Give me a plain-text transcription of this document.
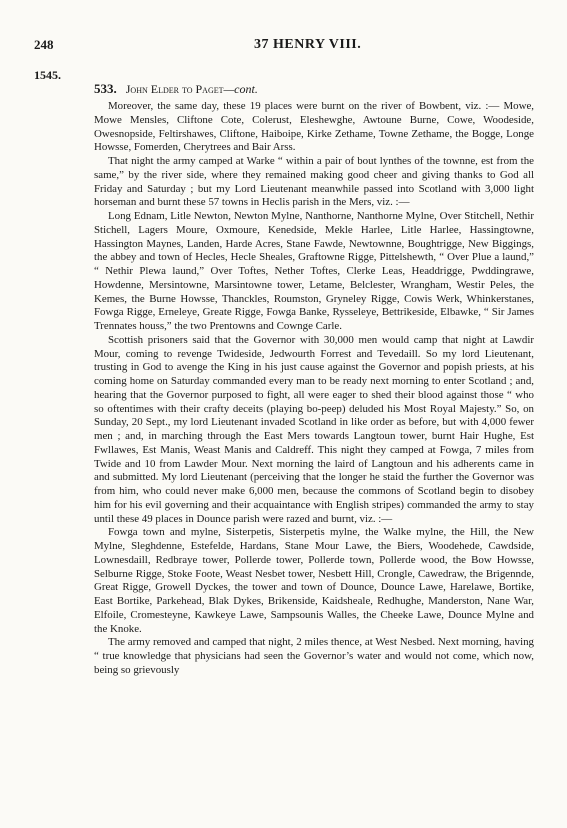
248	37 HENRY VIII.
1545.
533. John Elder to Paget—cont.

Moreover, the same day, these 19 places were burnt on the river of Bowbent, viz. :— Mowe, Mowe Mensles, Cliftone Cote, Colerust, Eleshewghe, Awtoune Burne, Cowe, Woodeside, Owesnopside, Feltirshawes, Cliftone, Haiboipe, Kirke Zethame, Towne Zethame, the Bogge, Longe Howsse, Fomerden, Cherytrees and Bair Arss.

That night the army camped at Warke “ within a pair of bout lynthes of the townne, est from the same,” by the river side, where they remained making good cheer and giving thanks to God all Friday and Saturday ; but my Lord Lieutenant meanwhile passed into Scotland with 3,000 light horseman and burnt these 57 towns in Heclis parish in the Mers, viz. :—

Long Ednam, Litle Newton, Newton Mylne, Nanthorne, Nanthorne Mylne, Over Stitchell, Nethir Stichell, Lagers Moure, Oxmoure, Kenedside, Mekle Harlee, Litle Harlee, Hassingtowne, Hassington Maynes, Landen, Harde Acres, Stane Fawde, Newtownne, Boughtrigge, New Biggings, the abbey and town of Hecles, Hecle Sheales, Graftowne Rigge, Pittelshewth, “ Over Plue a laund,” “ Nethir Plewa laund,” Over Toftes, Nether Toftes, Clerke Leas, Headdrigge, Pwddingrawe, Howdenne, Mersintowne, Marsintowne tower, Letame, Belclester, Wrangham, Westir Peles, the Kemes, the Burne Howsse, Thanckles, Roumston, Gryneley Rigge, Cowis Werk, Whinkerstanes, Fowga Rigge, Erneleye, Greate Rigge, Fowga Banke, Rysseleye, Bettrikeside, Elbawke, “ Sir James Trennates houss,” the two Prentowns and Cownge Carle.

Scottish prisoners said that the Governor with 30,000 men would camp that night at Lawdir Mour, coming to revenge Twideside, Jedwourth Forrest and Tevedaill. So my lord Lieutenant, trusting in God to avenge the King in his just cause against the Governor and popish priests, at his coming home on Saturday commanded every man to be ready next morning to enter Scotland ; and, hearing that the Governor purposed to fight, all were eager to shed their blood against those “ who so oftentimes with their crafty deceits (playing bo-peep) deluded his Most Royal Majesty.” So, on Sunday, 20 Sept., my lord Lieutenant invaded Scotland in like order as before, but with 4,000 fewer men ; and, in marching through the East Mers towards Langtoun tower, burnt Hair Hughe, Est Fwllawes, Est Manis, Weast Manis and Caldreff. This night they camped at Fowga, 7 miles from Twide and 10 from Lawder Mour. Next morning the laird of Langtoun and his adherents came in and submitted. My lord Lieutenant (perceiving that the longer he staid the further the Governor was from him, who could never make 6,000 men, because the commons of Scotland begin to disobey him for his evil governing and their acquaintance with English stripes) commanded the army to stay until these 49 places in Dounce parish were razed and burnt, viz. :—

Fowga town and mylne, Sisterpetis, Sisterpetis mylne, the Walke mylne, the Hill, the New Mylne, Sleghdenne, Estefelde, Hardans, Stane Mour Lawe, the Biers, Woodehede, Cawdside, Lownesdaill, Redbraye tower, Pollerde tower, Pollerde town, Pollerde wood, the Bow Howsse, Selburne Rigge, Stoke Foote, Weast Nesbet tower, Nesbett Hill, Crongle, Cawedraw, the Brigennde, Great Rigge, Growell Dyckes, the tower and town of Dounce, Dounce Lawe, Harelawe, Bortike, East Bortike, Parkehead, Blak Dykes, Brikenside, Kaidsheale, Redhughe, Manderston, Nane War, Elfoile, Cromesteyne, Kawkeye Lawe, Sampsounis Walles, the Cheeke Lawe, Dounce Mylne and the Knoke.

The army removed and camped that night, 2 miles thence, at West Nesbed. Next morning, having “ true knowledge that physicians had seen the Governor’s water and would not come, which now, being so grievously
